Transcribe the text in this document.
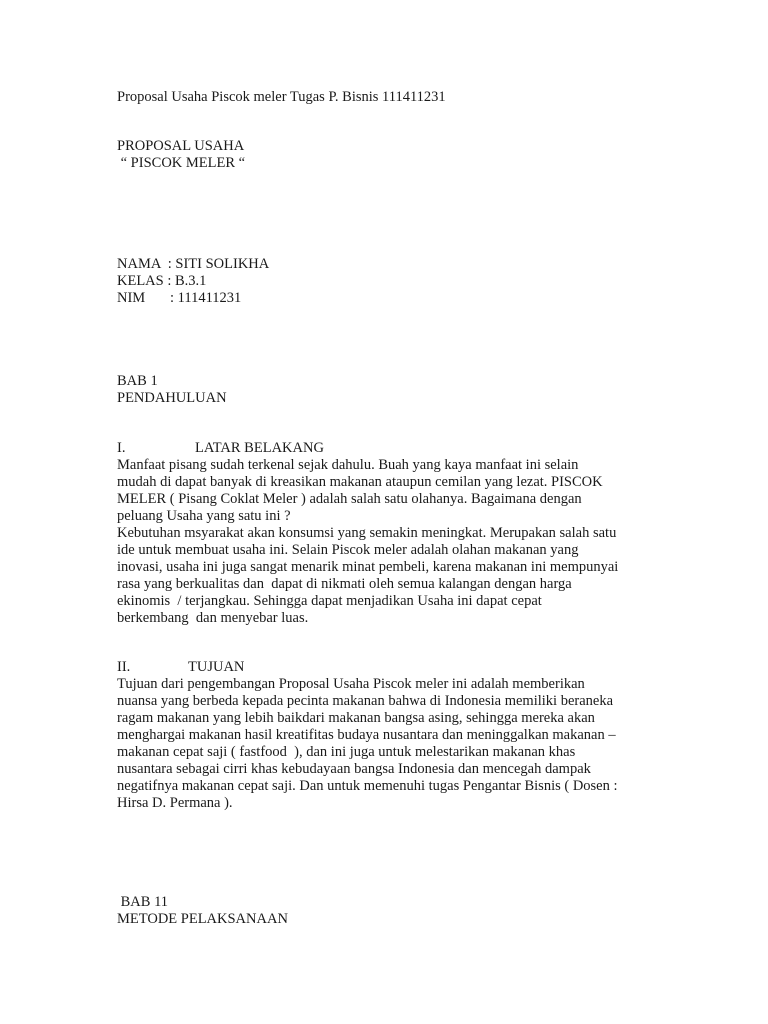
Proposal Usaha Piscok meler Tugas P. Bisnis 111411231
PROPOSAL USAHA
“ PISCOK MELER “
NAMA  : SITI SOLIKHA
KELAS : B.3.1
NIM : 111411231
BAB 1
PENDAHULUAN
I.	LATAR BELAKANG
Manfaat pisang sudah terkenal sejak dahulu. Buah yang kaya manfaat ini selain
mudah di dapat banyak di kreasikan makanan ataupun cemilan yang lezat. PISCOK
MELER ( Pisang Coklat Meler ) adalah salah satu olahanya. Bagaimana dengan
peluang Usaha yang satu ini ?
Kebutuhan msyarakat akan konsumsi yang semakin meningkat. Merupakan salah satu
ide untuk membuat usaha ini. Selain Piscok meler adalah olahan makanan yang
inovasi, usaha ini juga sangat menarik minat pembeli, karena makanan ini mempunyai
rasa yang berkualitas dan  dapat di nikmati oleh semua kalangan dengan harga
ekinomis  / terjangkau. Sehingga dapat menjadikan Usaha ini dapat cepat
berkembang  dan menyebar luas.
II.	TUJUAN
Tujuan dari pengembangan Proposal Usaha Piscok meler ini adalah memberikan
nuansa yang berbeda kepada pecinta makanan bahwa di Indonesia memiliki beraneka
ragam makanan yang lebih baikdari makanan bangsa asing, sehingga mereka akan
menghargai makanan hasil kreatifitas budaya nusantara dan meninggalkan makanan –
makanan cepat saji ( fastfood  ), dan ini juga untuk melestarikan makanan khas
nusantara sebagai cirri khas kebudayaan bangsa Indonesia dan mencegah dampak
negatifnya makanan cepat saji. Dan untuk memenuhi tugas Pengantar Bisnis ( Dosen :
Hirsa D. Permana ).
BAB 11
METODE PELAKSANAAN
